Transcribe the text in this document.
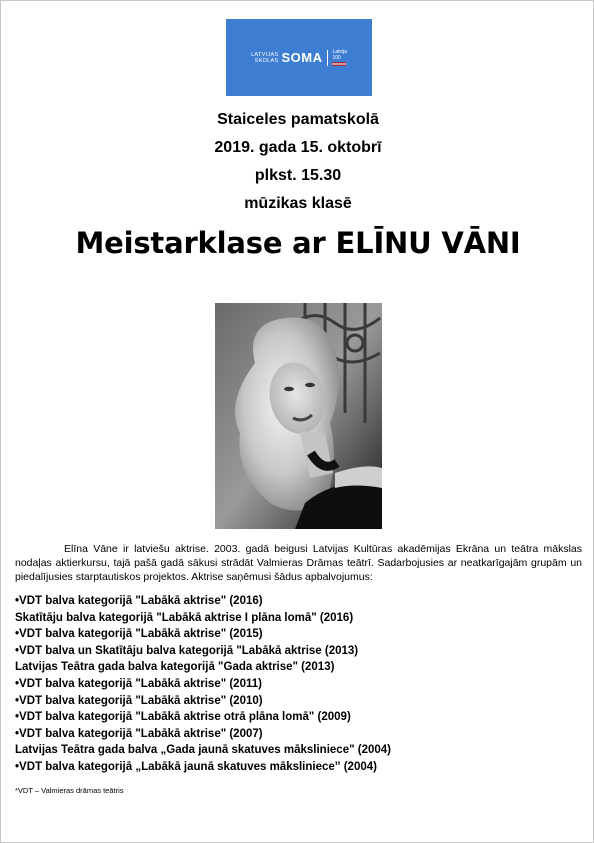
LATVIJAS
SKOLAS SOMA Latvija
100
Staiceles pamatskolā
2019. gada 15. oktobrī
plkst. 15.30
mūzikas klasē
Meistarklase ar ELĪNU VĀNI

Elīna Vāne ir latviešu aktrise. 2003. gadā beigusi Latvijas Kultūras akadēmijas Ekrāna un teātra mākslas nodaļas aktierkursu, tajā pašā gadā sākusi strādāt Valmieras Drāmas teātrī. Sadarbojusies ar neatkarīgajām grupām un piedalījusies starptautiskos projektos. Aktrise saņēmusi šādus apbalvojumus:

•VDT balva kategorijā "Labākā aktrise" (2016)
Skatītāju balva kategorijā "Labākā aktrise I plāna lomā" (2016)
•VDT balva kategorijā "Labākā aktrise" (2015)
•VDT balva un Skatītāju balva kategorijā "Labākā aktrise (2013)
Latvijas Teātra gada balva kategorijā "Gada aktrise" (2013)
•VDT balva kategorijā "Labākā aktrise" (2011)
•VDT balva kategorijā "Labākā aktrise" (2010)
•VDT balva kategorijā "Labākā aktrise otrā plāna lomā" (2009)
•VDT balva kategorijā "Labākā aktrise" (2007)
Latvijas Teātra gada balva „Gada jaunā skatuves māksliniece" (2004)
•VDT balva kategorijā „Labākā jaunā skatuves mākslinieceˮ (2004)
*VDT – Valmieras drāmas teātris
